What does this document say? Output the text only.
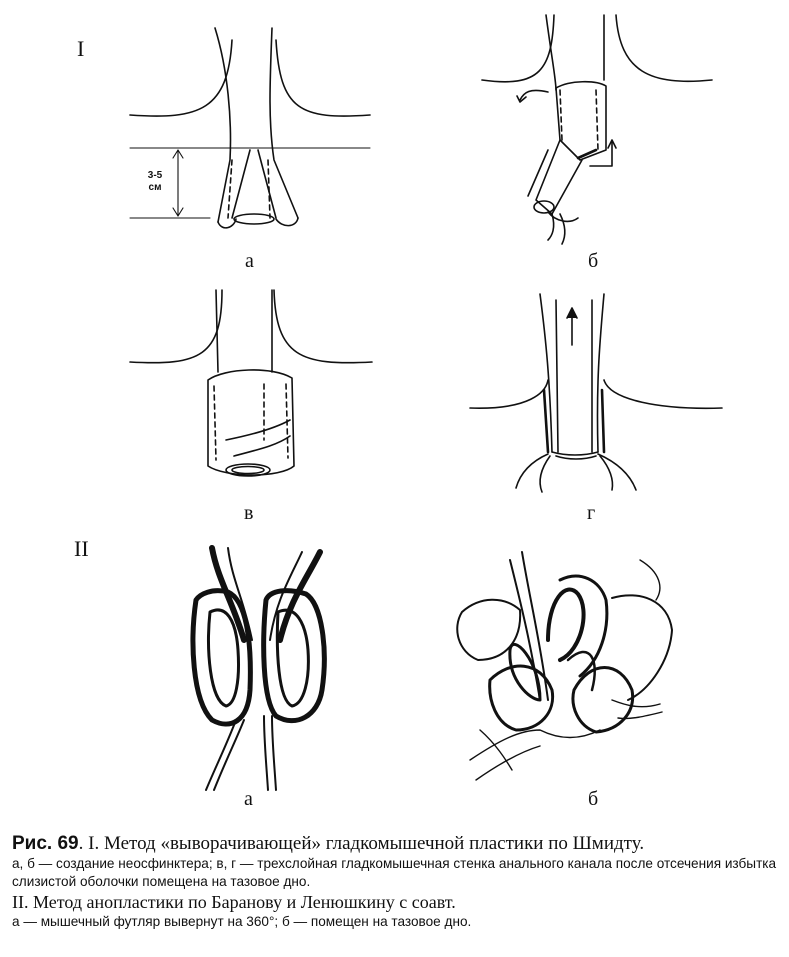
I
II
3-5 см
а	б
в	г
а	б

Рис. 69. I. Метод «выворачивающей» гладкомышечной пластики по Шмидту.

а, б — создание неосфинктера; в, г — трехслойная гладкомышечная стенка анального канала после отсечения избытка слизистой оболочки помещена на тазовое дно.

II. Метод анопластики по Баранову и Ленюшкину с соавт.

а — мышечный футляр вывернут на 360°; б — помещен на тазовое дно.
